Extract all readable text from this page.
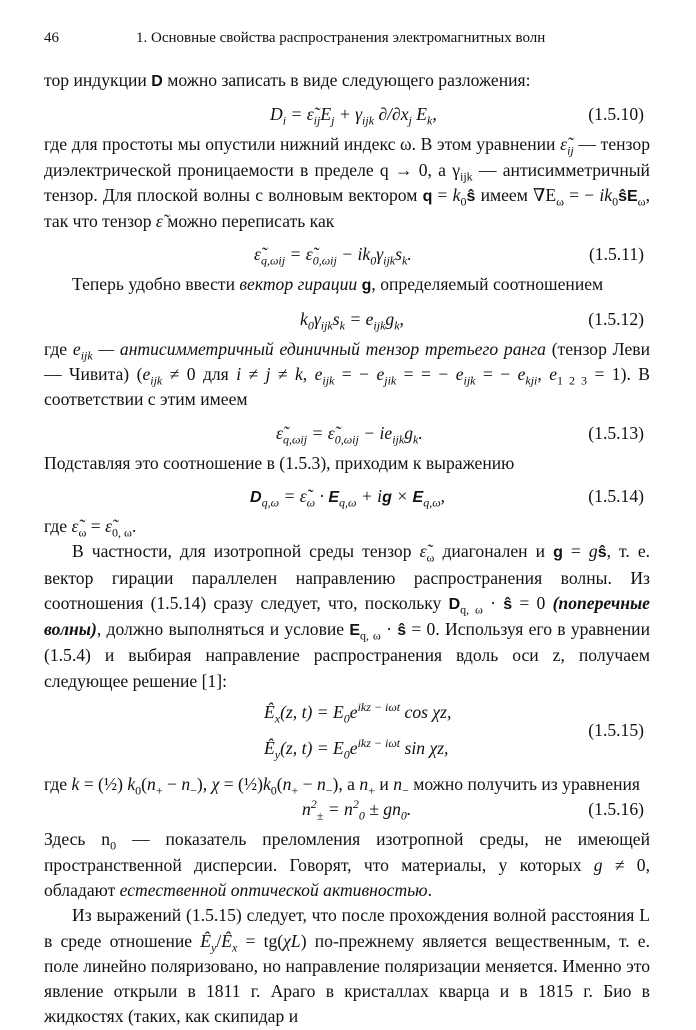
46	1. Основные свойства распространения электромагнитных волн

тор индукции D можно записать в виде следующего разложения:

$D_i$ = $\varepsiloñ_{ij}E_j + \gamma_{ijk}$ $\partial/\partial x_j$ $E_k$,	(1.5.10)

где для простоты мы опустили нижний индекс ω. В этом уравнении $\varepsiloñ_{ij}$ — тензор диэлектрической проницаемости в пределе q → 0, а $\gamma_{ijk}$ — антисимметричный тензор. Для плоской волны с волновым вектором $q = k_0ŝ$ имеем $\nabla E_\omega$ = − $ik_0ŝE_\omega$, так что тензор ε̃ можно переписать как

$\varepsiloñ_{q,\omega ij}$ = $\varepsiloñ_{0,\omega ij} - ik_0\gamma_{ijk}s_k$.	(1.5.11)

Теперь удобно ввести вектор гирации g, определяемый соотношением

$k_0\gamma_{ijk}s_k = e_{ijk}g_k$,	(1.5.12)

где $e_{ijk}$ — антисимметричный единичный тензор третьего ранга (тензор Леви — Чивита) ($e_{ijk} \ne 0$ для i ≠ j ≠ k, $e_{ijk}$ = − $e_{jik}$ = = − $e_{ijk}$ = − $e_{kji}$, $e_{1 2 3} = 1$). В соответствии с этим имеем

$\varepsiloñ_{q,\omega ij}$ = $\varepsiloñ_{0,\omega ij} - ie_{ijk}g_k$.	(1.5.13)

Подставляя это соотношение в (1.5.3), приходим к выражению

$D_{q,\omega}$ = $\varepsiloñ_\omega \cdot E_{q,\omega}$ + ig × $E_{q,\omega}$,	(1.5.14)

где $\varepsiloñ_\omega$ = $\varepsiloñ_{0, \omega}$.

В частности, для изотропной среды тензор $\varepsiloñ_\omega$ диагонален и g = gŝ, т. е. вектор гирации параллелен направлению распространения волны. Из соотношения (1.5.14) сразу следует, что, поскольку $D_{q, \omega}$ · ŝ = 0 (поперечные волны), должно выполняться и условие $E_{q, \omega}$ · ŝ = 0. Используя его в уравнении (1.5.4) и выбирая направление распространения вдоль оси z, получаем следующее решение [1]:

$Ê_x(z$, $t) = E_0e^{ikz - i\omega t}$ cos χz,
$Ê_y(z$, $t) = E_0e^{ikz - i\omega t}$ sin χz,
(1.5.15)

где k = (½) $k_0(n_+ - n_-)$, $\chi = (\frac{1}{2})k_0(n_+ - n_-)$, а $n_+$ и $n_-$ можно получить из уравнения

$n^2_\pm = n^2_0 \pm gn_0$.	(1.5.16)

Здесь $n_0$ — показатель преломления изотропной среды, не имеющей пространственной дисперсии. Говорят, что материалы, у которых g ≠ 0, обладают естественной оптической активностью.

Из выражений (1.5.15) следует, что после прохождения волной расстояния L в среде отношение $Ê_y/Ê_x = tg(\chi L)$ по-прежнему является вещественным, т. е. поле линейно поляризовано, но направление поляризации меняется. Именно это явление открыли в 1811 г. Араго в кристаллах кварца и в 1815 г. Био в жидкостях (таких, как скипидар и
